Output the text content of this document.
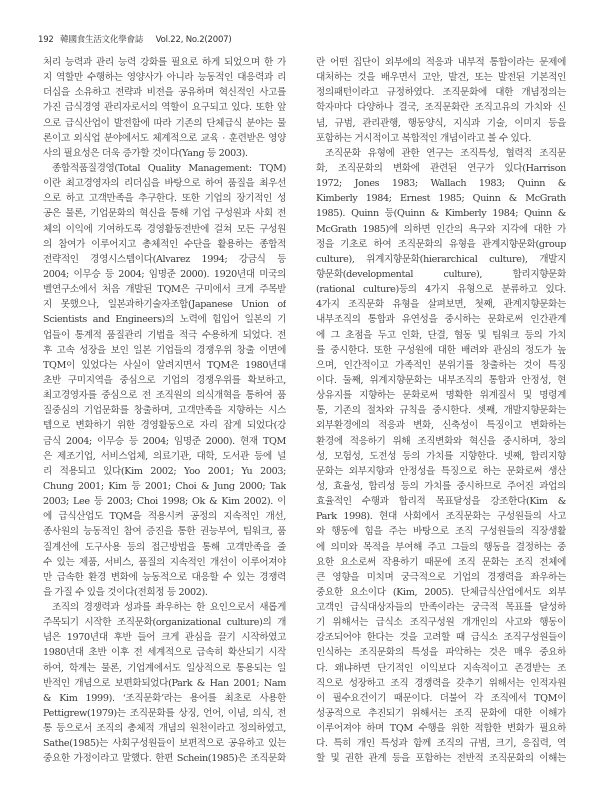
192 韓國食生活文化學會誌 Vol.22, No.2(2007)
처리 능력과 관리 능력 강화를 필요로 하게 되었으며 한 가
지 역할만 수행하는 영양사가 아니라 능동적인 대응력과 리
더십을 소유하고 전략과 비전을 공유하며 혁신적인 사고를
가진 급식경영 관리자로서의 역할이 요구되고 있다. 또한 앞
으로 급식산업이 발전함에 따라 기존의 단체급식 분야는 물
론이고 외식업 분야에서도 체계적으로 교육 · 훈련받은 영양
사의 필요성은 더욱 증가할 것이다(Yang 등 2003).
종합적품질경영(Total Quality Management: TQM)
이란 최고경영자의 리더십을 바탕으로 하여 품질을 최우선
으로 하고 고객만족을 추구한다. 또한 기업의 장기적인 성
공은 물론, 기업문화의 혁신을 통해 기업 구성원과 사회 전
체의 이익에 기여하도록 경영활동전반에 걸쳐 모든 구성원
의 참여가 이루어지고 총체적인 수단을 활용하는 종합적
전략적인 경영시스템이다(Alvarez 1994; 강금식 등
2004; 이무승 등 2004; 임명준 2000). 1920년대 미국의
벨연구소에서 처음 개발된 TQM은 구미에서 크게 주목받
지 못했으나, 일본과하기술자조합(Japanese Union of
Scientists and Engineers)의 노력에 힘입어 일본의 기
업들이 통계적 품질관리 기법을 적극 수용하게 되었다. 전
후 고속 성장을 보인 일본 기업들의 경쟁우위 창출 이면에
TQM이 있었다는 사실이 알려지면서 TQM은 1980년대
초반 구미지역을 중심으로 기업의 경쟁우위를 확보하고,
최고경영자를 중심으로 전 조직원의 의식개혁을 통하여 품
질중심의 기업문화를 창출하며, 고객만족을 지향하는 시스
템으로 변화하기 위한 경영활동으로 자리 잡게 되었다(강
금식 2004; 이무승 등 2004; 임명준 2000). 현재 TQM
은 제조기업, 서비스업체, 의료기관, 대학, 도서관 등에 널
리 적용되고 있다(Kim 2002; Yoo 2001; Yu 2003;
Chung 2001; Kim 등 2001; Choi & Jung 2000; Tak
2003; Lee 등 2003; Choi 1998; Ok & Kim 2002). 이
에 급식산업도 TQM을 적용시켜 공정의 지속적인 개선,
종사원의 능동적인 참여 증진을 통한 권능부여, 팀워크, 품
질계선에 도구사용 등의 접근방법을 통해 고객만족을 줄
수 있는 제품, 서비스, 품질의 지속적인 개선이 이루어져야
만 급속한 환경 변화에 능동적으로 대응할 수 있는 경쟁력
을 가질 수 있을 것이다(전희정 등 2002).
조직의 경쟁력과 성과를 좌우하는 한 요인으로서 새롭게
주목되기 시작한 조직문화(organizational culture)의 개
념은 1970년대 후반 들어 크게 관심을 끌기 시작하였고
1980년대 초반 이후 전 세계적으로 급속히 확산되기 시작
하여, 학계는 물론, 기업계에서도 일상적으로 통용되는 일
반적인 개념으로 보편화되었다(Park & Han 2001; Nam
& Kim 1999). ‘조직문화’라는 용어를 최초로 사용한
Pettigrew(1979)는 조직문화를 상징, 언어, 이념, 의식, 전
통 등으로서 조직의 총체적 개념의 원천이라고 정의하였고,
Sathe(1985)는 사회구성원들이 보편적으로 공유하고 있는
중요한 가정이라고 말했다. 한편 Schein(1985)은 조직문화
란 어떤 집단이 외부에의 적응과 내부적 통합이라는 문제에
대처하는 것을 배우면서 고안, 발견, 또는 발전된 기본적인
정의패턴이라고 규정하였다. 조직문화에 대한 개념정의는
학자마다 다양하나 결국, 조직문화란 조직고유의 가치와 신
념, 규범, 관리관행, 행동양식, 지식과 기술, 이미지 등을
포함하는 거시적이고 복합적인 개념이라고 볼 수 있다.
조직문화 유형에 관한 연구는 조직특성, 협력적 조직문
화, 조직문화의 변화에 관련된 연구가 있다(Harrison
1972; Jones 1983; Wallach 1983; Quinn &
Kimberly 1984; Ernest 1985; Quinn & McGrath
1985). Quinn 등(Quinn & Kimberly 1984; Quinn &
McGrath 1985)에 의하면 인간의 욕구와 지각에 대한 가
정을 기초로 하여 조직문화의 유형을 관계지향문화(group
culture), 위계지향문화(hierarchical culture), 개발지
향문화(developmental culture), 합리지향문화
(rational culture)등의 4가지 유형으로 분류하고 있다.
4가지 조직문화 유형을 살펴보면, 첫째, 관계지향문화는
내부조직의 통합과 유연성을 중시하는 문화로써 인간관계
에 그 초점을 두고 인화, 단결, 협동 및 팀워크 등의 가치
를 중시한다. 또한 구성원에 대한 배려와 관심의 정도가 높
으며, 인간적이고 가족적인 분위기를 창출하는 것이 특징
이다. 둘째, 위계지향문화는 내부조직의 통합과 안정성, 현
상유지를 지향하는 문화로써 명확한 위계질서 및 명령계
통, 기존의 절차와 규칙을 중시한다. 셋째, 개발지향문화는
외부환경에의 적응과 변화, 신축성이 특징이고 변화하는
환경에 적응하기 위해 조직변화와 혁신을 중시하며, 창의
성, 모험성, 도전성 등의 가치를 지향한다. 넷째, 합리지향
문화는 외부지향과 안정성을 특징으로 하는 문화로써 생산
성, 효율성, 합리성 등의 가치를 중시하므로 주어진 과업의
효율적인 수행과 합리적 목표달성을 강조한다(Kim &
Park 1998). 현대 사회에서 조직문화는 구성원들의 사고
와 행동에 힘을 주는 바탕으로 조직 구성원들의 직장생활
에 의미와 목적을 부여해 주고 그들의 행동을 결정하는 중
요한 요소로써 작용하기 때문에 조직 문화는 조직 전체에
큰 영향을 미치며 궁극적으로 기업의 경쟁력을 좌우하는
중요한 요소이다 (Kim, 2005). 단체급식산업에서도 외부
고객인 급식대상자들의 만족이라는 궁극적 목표를 달성하
기 위해서는 급식소 조직구성원 개개인의 사고와 행동이
강조되어야 한다는 것을 고려할 때 급식소 조직구성원들이
인식하는 조직문화의 특성을 파악하는 것은 매우 중요하
다. 왜냐하면 단기적인 이익보다 지속적이고 존경받는 조
직으로 성장하고 조직 경쟁력을 갖추기 위해서는 인적자원
이 필수요건이기 때문이다. 더불어 각 조직에서 TQM이
성공적으로 추진되기 위해서는 조직 문화에 대한 이해가
이루어져야 하며 TQM 수행을 위한 적합한 변화가 필요하
다. 특히 개인 특성과 함께 조직의 규범, 크기, 응집력, 역
할 및 권한 관계 등을 포함하는 전반적 조직문화의 이해는
